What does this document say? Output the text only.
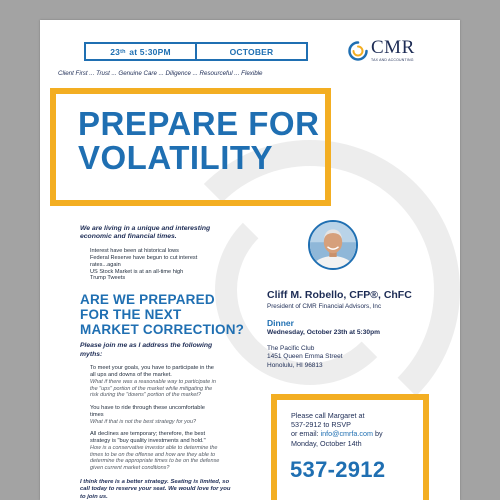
23 th
at 5:30PM	OCTOBER	CMR
TAX AND ACCOUNTING
Client First ... Trust ... Genuine Care ... Diligence ... Resourceful ... Flexible
PREPARE FOR
VOLATILITY
We are living in a unique and interesting
economic and financial times.
Interest have been at historical lows
Federal Reserve have begun to cut interest
rates...again
US Stock Market is at an all-time high
Trump Tweets
ARE WE PREPARED
FOR THE NEXT
MARKET CORRECTION?
Please join me as I address the following
myths:
To meet your goals, you have to participate in the
all ups and downs of the market.
What if there was a reasonable way to participate in
the "ups" portion of the market while mitigating the
risk during the "downs" portion of the market?
You have to ride through these uncomfortable
times
What if that is not the best strategy for you?
All declines are temporary; therefore, the best
strategy is "buy quality investments and hold."
How is a conservative investor able to determine the
times to be on the offense and how are they able to
determine the appropriate times to be on the defense
given current market conditions?
I think there is a better strategy. Seating is limited, so
call today to reserve your seat. We would love for you
to join us.
Cliff M. Robello, CFP®, ChFC
President of CMR Financial Advisors, Inc
Dinner
Wednesday, October 23th at 5:30pm
The Pacific Club
1451 Queen Emma Street
Honolulu, HI 96813
Please call Margaret at
537-2912 to RSVP
or email: info@cmrfa.com by
Monday, October 14th
537-2912
